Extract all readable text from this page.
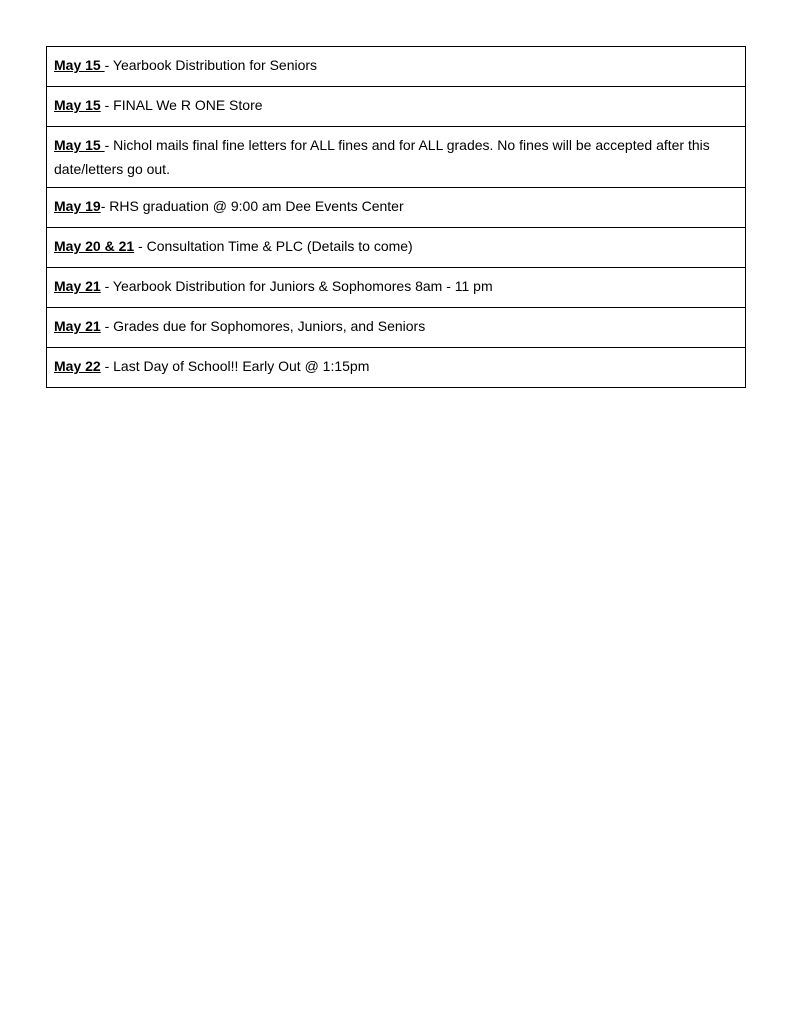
May 15 - Yearbook Distribution for Seniors
May 15 - FINAL We R ONE Store
May 15 - Nichol mails final fine letters for ALL fines and for ALL grades. No fines will be accepted after this date/letters go out.
May 19- RHS graduation @ 9:00 am Dee Events Center
May 20 & 21 - Consultation Time & PLC (Details to come)
May 21 - Yearbook Distribution for Juniors & Sophomores 8am - 11 pm
May 21 - Grades due for Sophomores, Juniors, and Seniors
May 22 - Last Day of School!! Early Out @ 1:15pm
